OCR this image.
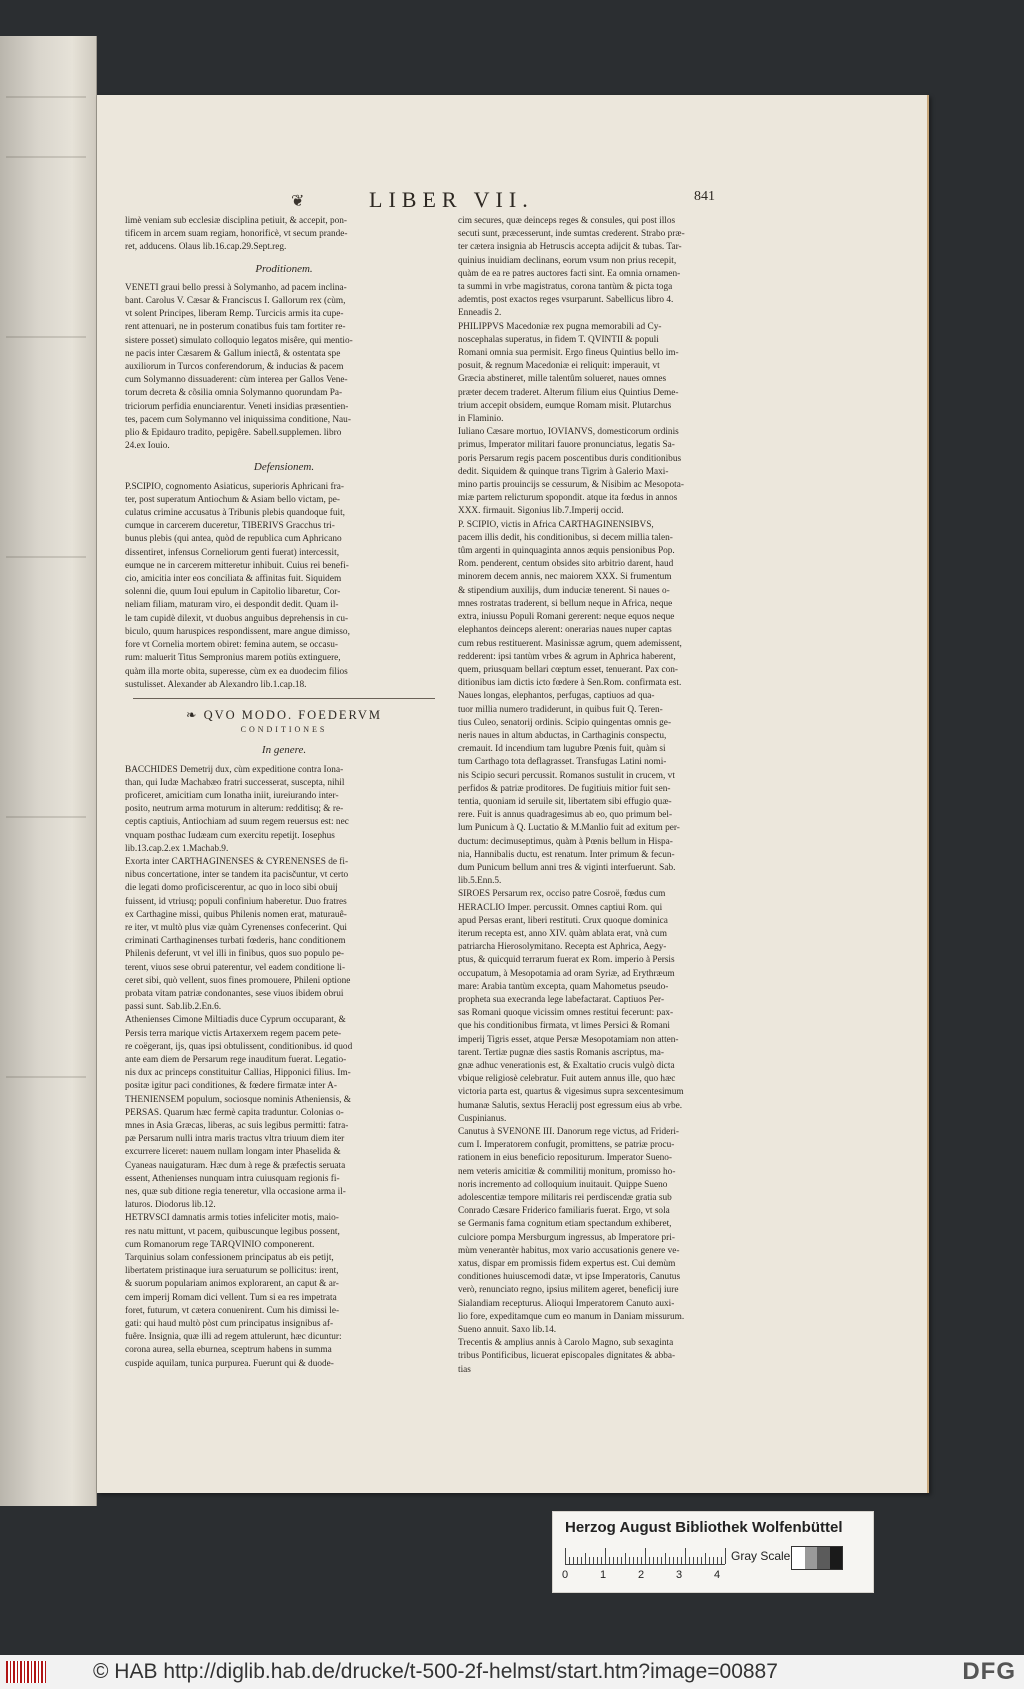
❦	LIBER VII.	841

limè veniam sub ecclesiæ disciplina petiuit, & accepit, pon-
tificem in arcem suam regiam, honorificè, vt secum prande-
ret, adducens. Olaus lib.16.cap.29.Sept.reg.

Proditionem.

VENETI graui bello pressi à Solymanho, ad pacem inclina-
bant. Carolus V. Cæsar & Franciscus I. Gallorum rex (cùm,
vt solent Principes, liberam Remp. Turcicis armis ita cupe-
rent attenuari, ne in posterum conatibus fuis tam fortiter re-
sistere posset) simulato colloquio legatos misêre, qui mentio-
ne pacis inter Cæsarem & Gallum iniectâ, & ostentata spe
auxiliorum in Turcos conferendorum, & inducias & pacem
cum Solymanno dissuaderent: cùm interea per Gallos Vene-
torum decreta & cõsilia omnia Solymanno quorundam Pa-
triciorum perfidia enunciarentur. Veneti insidias præsentien-
tes, pacem cum Solymanno vel iniquissima conditione, Nau-
plio & Epidauro tradito, pepigêre. Sabell.supplemen. libro
24.ex Iouio.

Defensionem.

P.SCIPIO, cognomento Asiaticus, superioris Aphricani fra-
ter, post superatum Antiochum & Asiam bello victam, pe-
culatus crimine accusatus à Tribunis plebis quandoque fuit,
cumque in carcerem duceretur, TIBERIVS Gracchus tri-
bunus plebis (qui antea, quòd de republica cum Aphricano
dissentiret, infensus Corneliorum genti fuerat) intercessit,
eumque ne in carcerem mitteretur inhibuit. Cuius rei benefi-
cio, amicitia inter eos conciliata & affinitas fuit. Siquidem
solenni die, quum Ioui epulum in Capitolio libaretur, Cor-
neliam filiam, maturam viro, ei despondit dedit. Quam il-
le tam cupidè dilexit, vt duobus anguibus deprehensis in cu-
biculo, quum haruspices respondissent, mare angue dimisso,
fore vt Cornelia mortem obiret: femina autem, se occasu-
rum: maluerit Titus Sempronius marem potiùs extinguere,
quàm illa morte obita, superesse, cùm ex ea duodecim filios
sustulisset. Alexander ab Alexandro lib.1.cap.18.

❧ QVO MODO. FOEDERVM
CONDITIONES
In genere.

BACCHIDES Demetrij dux, cùm expeditione contra Iona-
than, qui Iudæ Machabæo fratri successerat, suscepta, nihil
proficeret, amicitiam cum Ionatha iniit, iureiurando inter-
posito, neutrum arma moturum in alterum: redditisq; & re-
ceptis captiuis, Antiochiam ad suum regem reuersus est: nec
vnquam posthac Iudæam cum exercitu repetijt. Iosephus
lib.13.cap.2.ex 1.Machab.9.

Exorta inter CARTHAGINENSES & CYRENENSES de fi-
nibus concertatione, inter se tandem ita pacisčuntur, vt certo
die legati domo proficiscerentur, ac quo in loco sibi obuij
fuissent, id vtriusq; populi confinium haberetur. Duo fratres
ex Carthagine missi, quibus Philenis nomen erat, maturauê-
re iter, vt multò plus viæ quàm Cyrenenses confecerint. Qui
criminati Carthaginenses turbati fœderis, hanc conditionem
Philenis deferunt, vt vel illi in finibus, quos suo populo pe-
terent, viuos sese obrui paterentur, vel eadem conditione li-
ceret sibi, quò vellent, suos fines promouere, Phileni optione
probata vitam patriæ condonantes, sese viuos ibidem obrui
passi sunt. Sab.lib.2.En.6.

Athenienses Cimone Miltiadis duce Cyprum occuparant, &
Persis terra marique victis Artaxerxem regem pacem pete-
re coëgerant, ijs, quas ipsi obtulissent, conditionibus. id quod
ante eam diem de Persarum rege inauditum fuerat. Legatio-
nis dux ac princeps constituitur Callias, Hipponici filius. Im-
positæ igitur paci conditiones, & fœdere firmatæ inter A-
THENIENSEM populum, sociosque nominis Atheniensis, &
PERSAS. Quarum hæc fermè capita traduntur. Colonias o-
mnes in Asia Græcas, liberas, ac suis legibus permitti: fatra-
pæ Persarum nulli intra maris tractus vltra triuum diem iter
excurrere liceret: nauem nullam longam inter Phaselida &
Cyaneas nauigaturam. Hæc dum à rege & præfectis seruata
essent, Athenienses nunquam intra cuiusquam regionis fi-
nes, quæ sub ditione regia teneretur, vlla occasione arma il-
laturos. Diodorus lib.12.

HETRVSCI damnatis armis toties infeliciter motis, maio-
res natu mittunt, vt pacem, quibuscunque legibus possent,
cum Romanorum rege TARQVINIO componerent.
Tarquinius solam confessionem principatus ab eis petijt,
libertatem pristinaque iura seruaturum se pollicitus: irent,
& suorum populariam animos explorarent, an caput & ar-
cem imperij Romam dici vellent. Tum si ea res impetrata
foret, futurum, vt cætera conuenirent. Cum his dimissi le-
gati: qui haud multò pòst cum principatus insignibus af-
fuêre. Insignia, quæ illi ad regem attulerunt, hæc dicuntur:
corona aurea, sella eburnea, sceptrum habens in summa
cuspide aquilam, tunica purpurea. Fuerunt qui & duode-

cim secures, quæ deinceps reges & consules, qui post illos
secuti sunt, præcesserunt, inde sumtas crederent. Strabo præ-
ter cætera insignia ab Hetruscis accepta adijcit & tubas. Tar-
quinius inuidiam declinans, eorum vsum non prius recepit,
quàm de ea re patres auctores facti sint. Ea omnia ornamen-
ta summi in vrbe magistratus, corona tantùm & picta toga
ademtis, post exactos reges vsurparunt. Sabellicus libro 4.
Enneadis 2.

PHILIPPVS Macedoniæ rex pugna memorabili ad Cy-
noscephalas superatus, in fidem T. QVINTII & populi
Romani omnia sua permisit. Ergo fineus Quintius bello im-
posuit, & regnum Macedoniæ ei reliquit: imperauit, vt
Græcia abstineret, mille talentûm solueret, naues omnes
præter decem traderet. Alterum filium eius Quintius Deme-
trium accepit obsidem, eumque Romam misit. Plutarchus
in Flaminio.

Iuliano Cæsare mortuo, IOVIANVS, domesticorum ordinis
primus, Imperator militari fauore pronunciatus, legatis Sa-
poris Persarum regis pacem poscentibus duris conditionibus
dedit. Siquidem & quinque trans Tigrim à Galerio Maxi-
mino partis prouincijs se cessurum, & Nisibim ac Mesopota-
miæ partem relicturum spopondit. atque ita fœdus in annos
XXX. firmauit. Sigonius lib.7.Imperij occid.

P. SCIPIO, victis in Africa CARTHAGINENSIBVS,
pacem illis dedit, his conditionibus, si decem millia talen-
tûm argenti in quinquaginta annos æquis pensionibus Pop.
Rom. penderent, centum obsides sito arbitrio darent, haud
minorem decem annis, nec maiorem XXX. Si frumentum
& stipendium auxilijs, dum induciæ tenerent. Si naues o-
mnes rostratas traderent, si bellum neque in Africa, neque
extra, iniussu Populi Romani gererent: neque equos neque
elephantos deinceps alerent: onerarias naues nuper captas
cum rebus restituerent. Masinissæ agrum, quem ademissent,
redderent: ipsi tantùm vrbes & agrum in Aphrica haberent,
quem, priusquam bellari cœptum esset, tenuerant. Pax con-
ditionibus iam dictis icto fœdere à Sen.Rom. confirmata est.
Naues longas, elephantos, perfugas, captiuos ad qua-
tuor millia numero tradiderunt, in quibus fuit Q. Teren-
tius Culeo, senatorij ordinis. Scipio quingentas omnis ge-
neris naues in altum abductas, in Carthaginis conspectu,
cremauit. Id incendium tam lugubre Pœnis fuit, quàm si
tum Carthago tota deflagrasset. Transfugas Latini nomi-
nis Scipio securi percussit. Romanos sustulit in crucem, vt
perfidos & patriæ proditores. De fugitiuis mitior fuit sen-
tentia, quoniam id seruile sit, libertatem sibi effugio quæ-
rere. Fuit is annus quadragesimus ab eo, quo primum bel-
lum Punicum à Q. Luctatio & M.Manlio fuit ad exitum per-
ductum: decimuseptimus, quàm à Pœnis bellum in Hispa-
nia, Hannibalis ductu, est renatum. Inter primum & fecun-
dum Punicum bellum anni tres & viginti interfuerunt. Sab.
lib.5.Enn.5.

SIROES Persarum rex, occiso patre Cosroë, fœdus cum
HERACLIO Imper. percussit. Omnes captiui Rom. qui
apud Persas erant, liberi restituti. Crux quoque dominica
iterum recepta est, anno XIV. quàm ablata erat, vnà cum
patriarcha Hierosolymitano. Recepta est Aphrica, Aegy-
ptus, & quicquid terrarum fuerat ex Rom. imperio à Persis
occupatum, à Mesopotamia ad oram Syriæ, ad Erythræum
mare: Arabia tantùm excepta, quam Mahometus pseudo-
propheta sua execranda lege labefactarat. Captiuos Per-
sas Romani quoque vicissim omnes restitui fecerunt: pax-
que his conditionibus firmata, vt limes Persici & Romani
imperij Tigris esset, atque Persæ Mesopotamiam non atten-
tarent. Tertiæ pugnæ dies sastis Romanis ascriptus, ma-
gnæ adhuc venerationis est, & Exaltatio crucis vulgò dicta
vbique religiosè celebratur. Fuit autem annus ille, quo hæc
victoria parta est, quartus & vigesimus supra sexcentesimum
humanæ Salutis, sextus Heraclij post egressum eius ab vrbe.
Cuspinianus.

Canutus à SVENONE III. Danorum rege victus, ad Frideri-
cum I. Imperatorem confugit, promittens, se patriæ procu-
rationem in eius beneficio repositurum. Imperator Sueno-
nem veteris amicitiæ & commilitij monitum, promisso ho-
noris incremento ad colloquium inuitauit. Quippe Sueno
adolescentiæ tempore militaris rei perdiscendæ gratia sub
Conrado Cæsare Friderico familiaris fuerat. Ergo, vt sola
se Germanis fama cognitum etiam spectandum exhiberet,
culciore pompa Mersburgum ingressus, ab Imperatore pri-
mùm venerantèr habitus, mox vario accusationis genere ve-
xatus, dispar em promissis fidem expertus est. Cui demùm
conditiones huiuscemodi datæ, vt ipse Imperatoris, Canutus
verò, renunciato regno, ipsius militem ageret, beneficij iure
Sialandiam recepturus. Alioqui Imperatorem Canuto auxi-
lio fore, expeditamque cum eo manum in Daniam missurum.
Sueno annuit. Saxo lib.14.

Trecentis & amplius annis à Carolo Magno, sub sexaginta
tribus Pontificibus, licuerat episcopales dignitates & abba-
tias

Herzog August Bibliothek Wolfenbüttel
0	1	2	3	4
Gray Scale
© HAB http://diglib.hab.de/drucke/t-500-2f-helmst/start.htm?image=00887	DFG
